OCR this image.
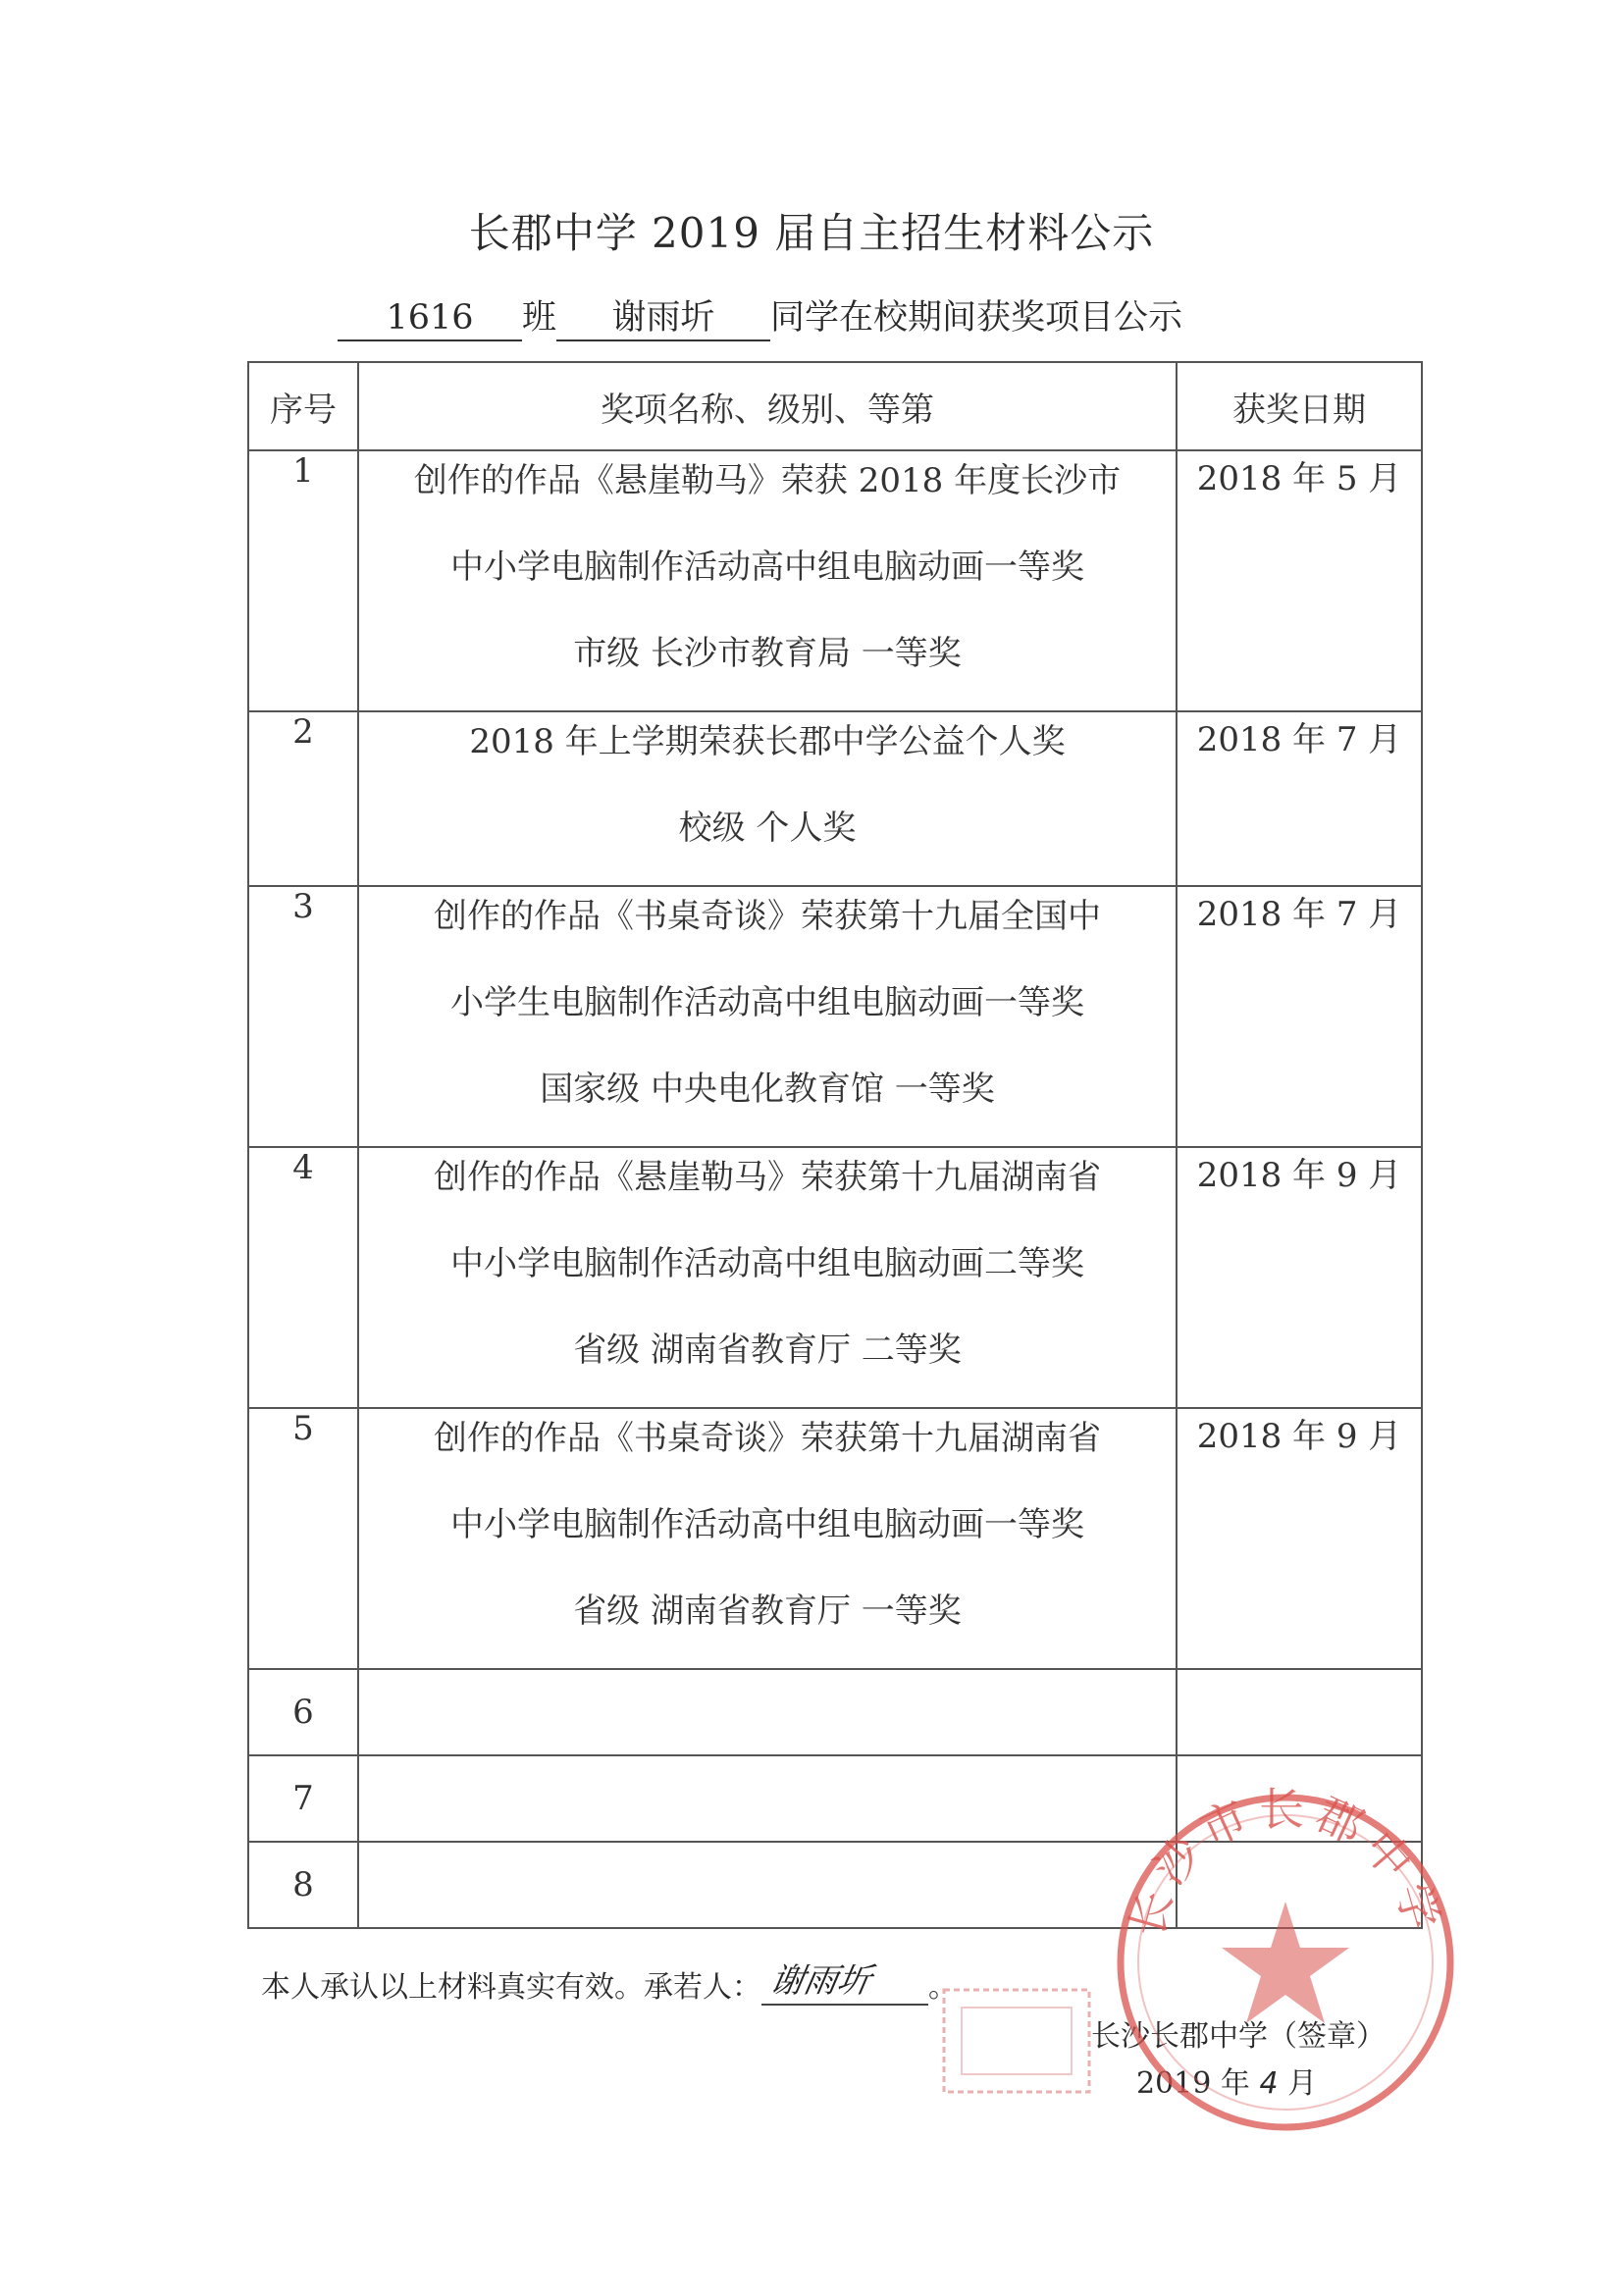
长郡中学 2019 届自主招生材料公示
1616 班 谢雨圻 同学在校期间获奖项目公示
序号	奖项名称、级别、等第	获奖日期
1	创作的作品《悬崖勒马》荣获 2018 年度长沙市
中小学电脑制作活动高中组电脑动画一等奖
市级 长沙市教育局 一等奖	2018 年 5 月
2	2018 年上学期荣获长郡中学公益个人奖
校级 个人奖	2018 年 7 月
3	创作的作品《书桌奇谈》荣获第十九届全国中
小学生电脑制作活动高中组电脑动画一等奖
国家级 中央电化教育馆 一等奖	2018 年 7 月
4	创作的作品《悬崖勒马》荣获第十九届湖南省
中小学电脑制作活动高中组电脑动画二等奖
省级 湖南省教育厅 二等奖	2018 年 9 月
5	创作的作品《书桌奇谈》荣获第十九届湖南省
中小学电脑制作活动高中组电脑动画一等奖
省级 湖南省教育厅 一等奖	2018 年 9 月
6		
7		
8		
本人承认以上材料真实有效。承若人： 谢雨圻 。
长沙长郡中学（签章）
2019 年 4 月
长沙市长郡中学
